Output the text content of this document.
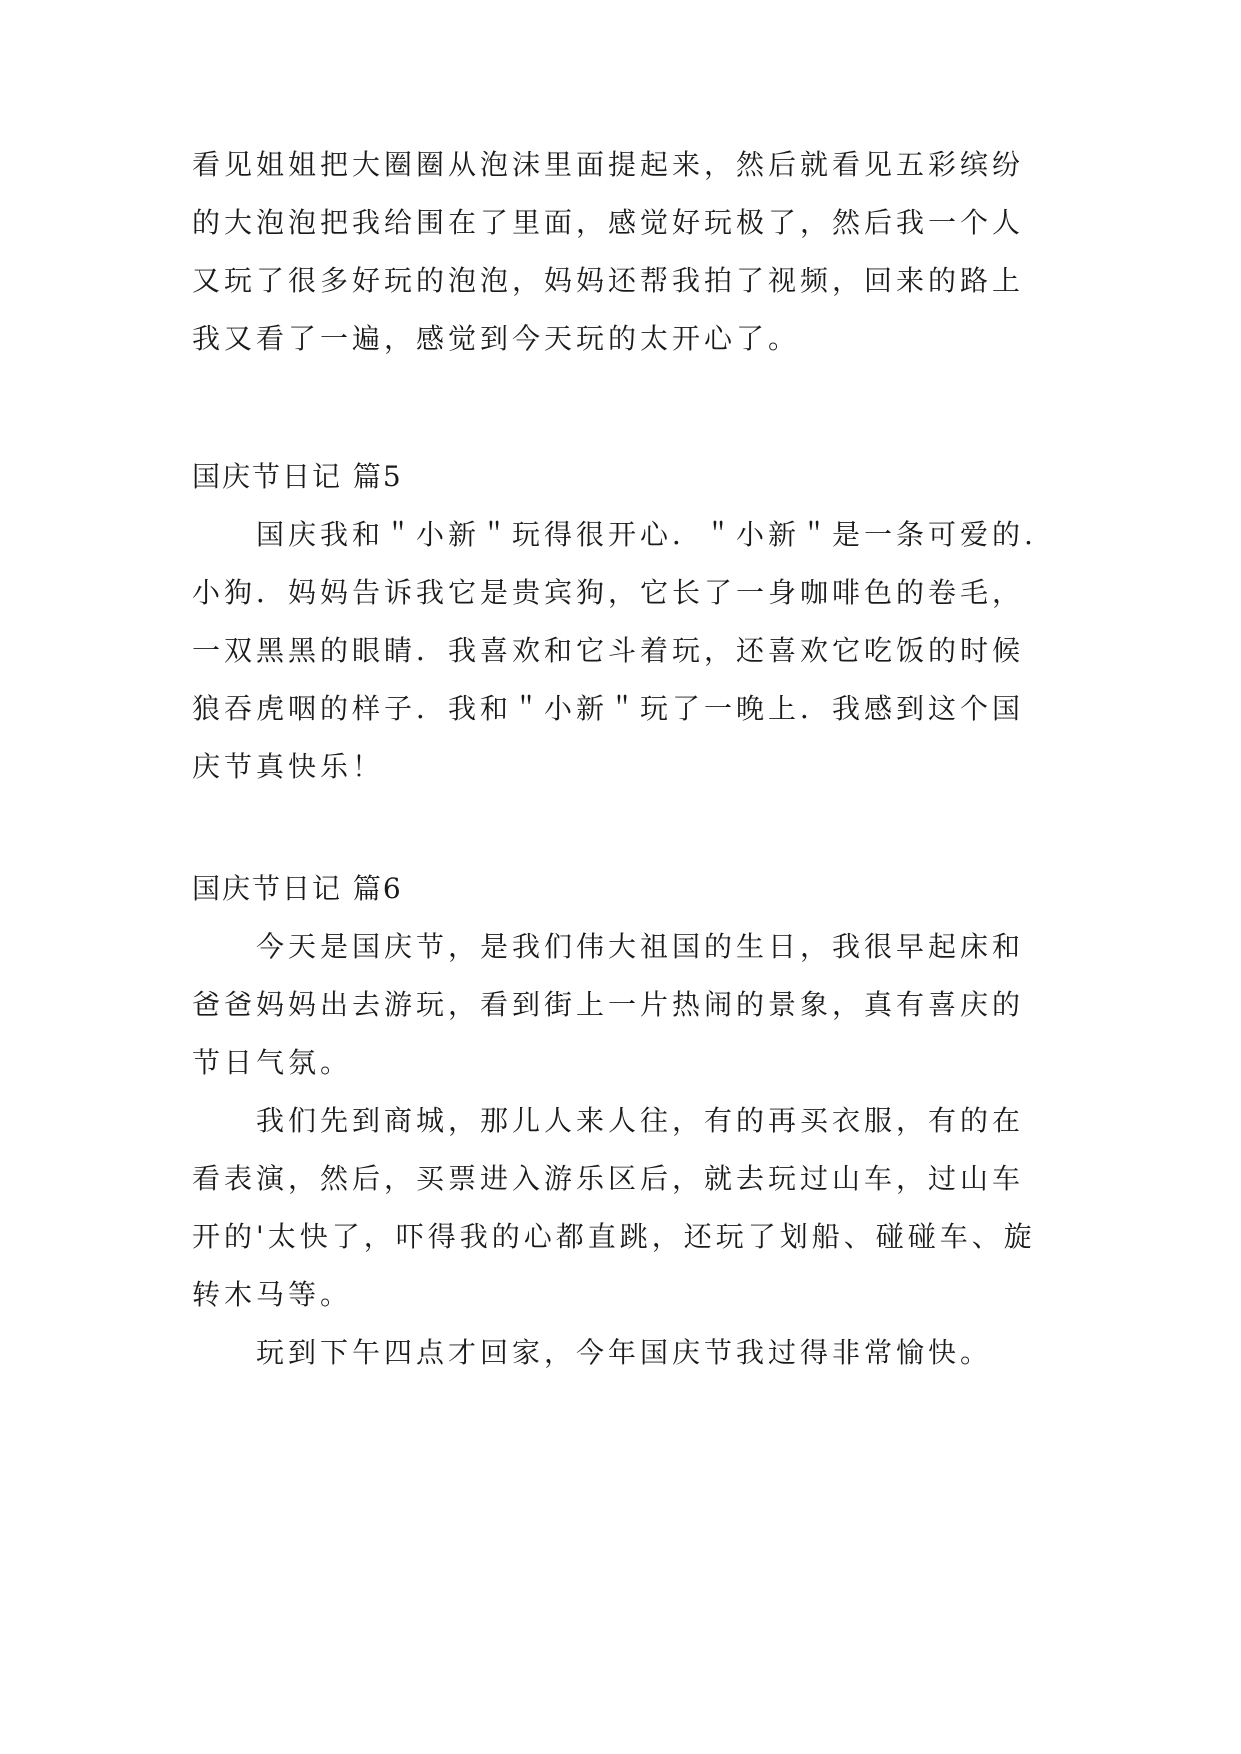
看见姐姐把大圈圈从泡沫里面提起来，然后就看见五彩缤纷的大泡泡把我给围在了里面，感觉好玩极了，然后我一个人又玩了很多好玩的泡泡，妈妈还帮我拍了视频，回来的路上我又看了一遍，感觉到今天玩的太开心了。

国庆节日记 篇5

国庆我和＂小新＂玩得很开心．＂小新＂是一条可爱的.小狗．妈妈告诉我它是贵宾狗，它长了一身咖啡色的卷毛，一双黑黑的眼睛．我喜欢和它斗着玩，还喜欢它吃饭的时候狼吞虎咽的样子．我和＂小新＂玩了一晚上．我感到这个国庆节真快乐！

国庆节日记 篇6

今天是国庆节，是我们伟大祖国的生日，我很早起床和爸爸妈妈出去游玩，看到街上一片热闹的景象，真有喜庆的节日气氛。

我们先到商城，那儿人来人往，有的再买衣服，有的在看表演，然后，买票进入游乐区后，就去玩过山车，过山车开的'太快了，吓得我的心都直跳，还玩了划船、碰碰车、旋转木马等。

玩到下午四点才回家，今年国庆节我过得非常愉快。
